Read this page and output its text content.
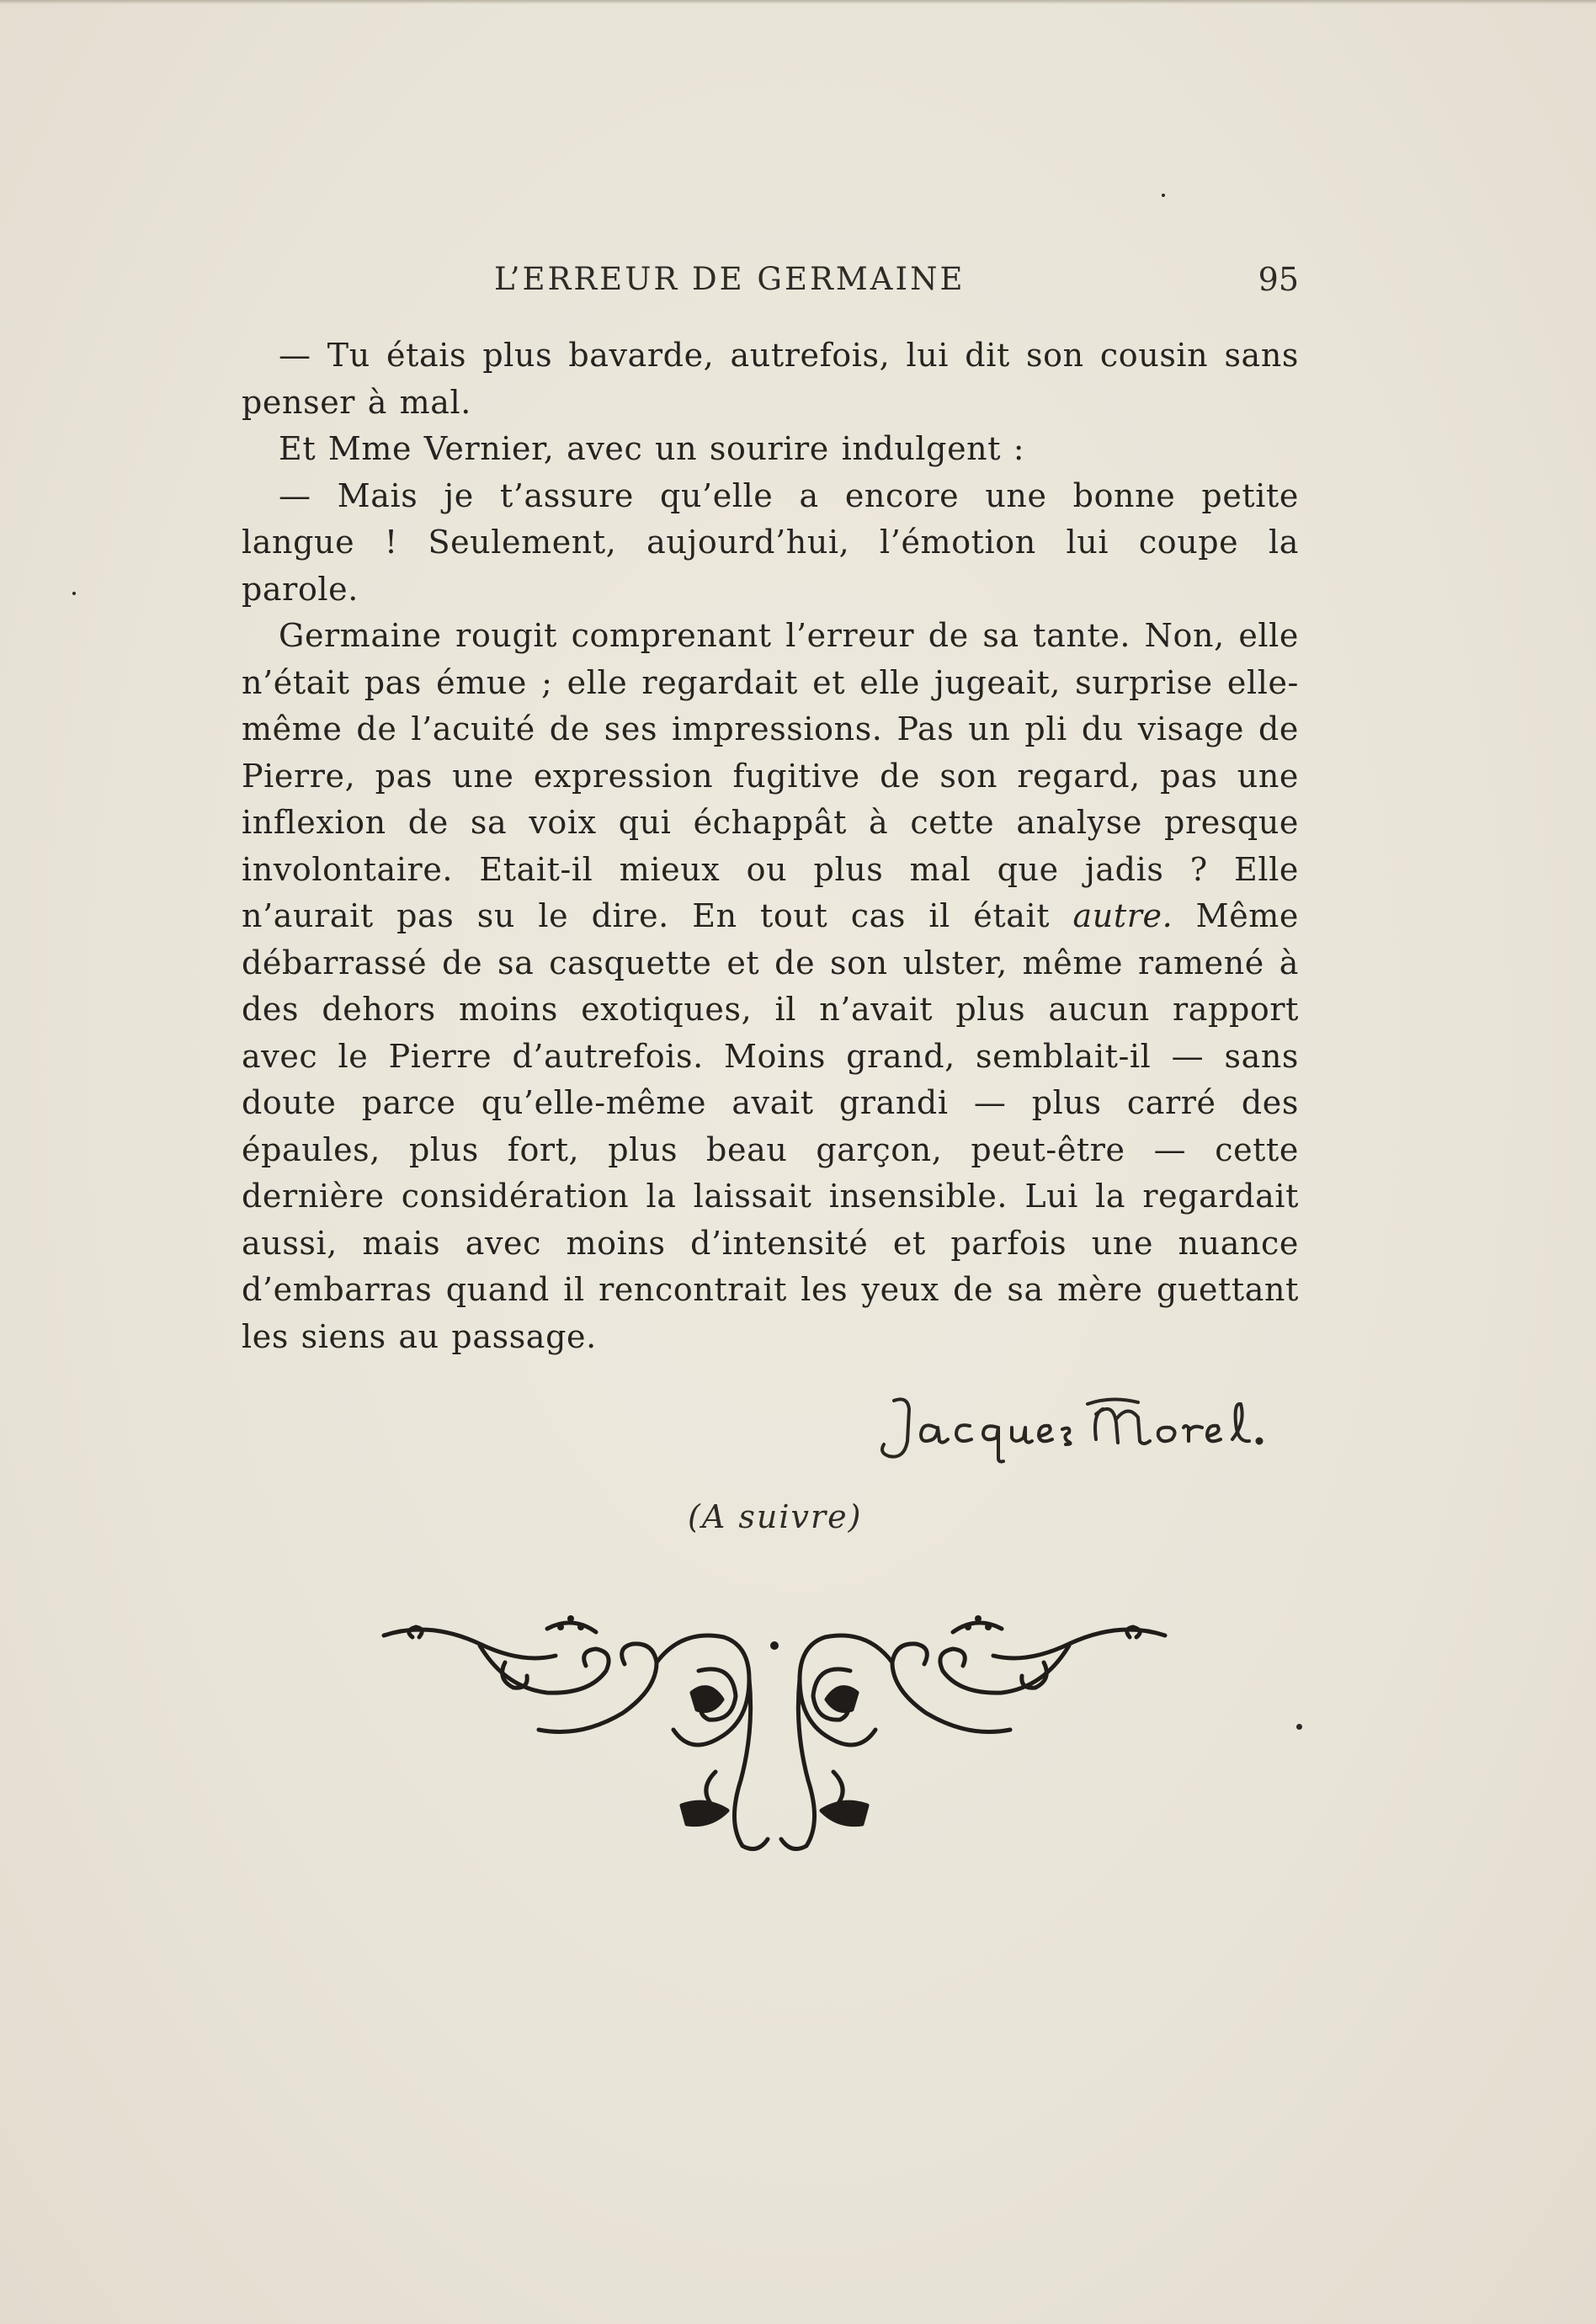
L’ERREUR DE GERMAINE	95

— Tu étais plus bavarde, autrefois, lui dit son cousin sans penser à mal.

Et Mme Vernier, avec un sourire indulgent :

— Mais je t’assure qu’elle a encore une bonne petite langue ! Seulement, aujourd’hui, l’émotion lui coupe la parole.

Germaine rougit comprenant l’erreur de sa tante. Non, elle n’était pas émue ; elle regardait et elle jugeait, surprise elle-même de l’acuité de ses impressions. Pas un pli du visage de Pierre, pas une expression fugitive de son regard, pas une inflexion de sa voix qui échappât à cette analyse presque involontaire. Etait-il mieux ou plus mal que jadis ? Elle n’aurait pas su le dire. En tout cas il était autre. Même débarrassé de sa casquette et de son ulster, même ramené à des dehors moins exotiques, il n’avait plus aucun rapport avec le Pierre d’autrefois. Moins grand, semblait-il — sans doute parce qu’elle-même avait grandi — plus carré des épaules, plus fort, plus beau garçon, peut-être — cette dernière considération la laissait insensible. Lui la regardait aussi, mais avec moins d’intensité et parfois une nuance d’embarras quand il rencontrait les yeux de sa mère guettant les siens au passage.

(A suivre)
